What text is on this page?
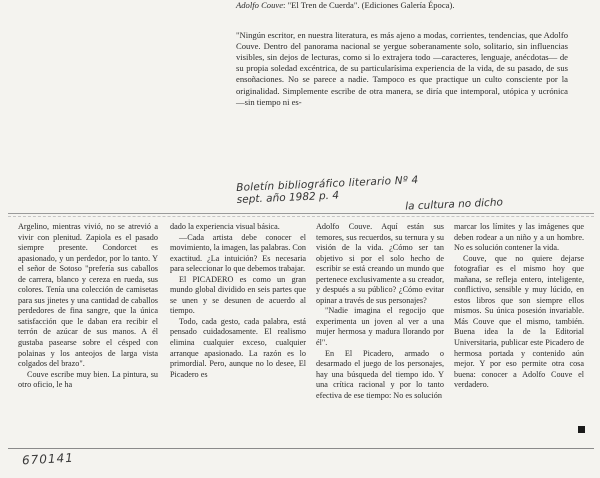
Adolfo Couve: "El Tren de Cuerda". (Ediciones Galería Época).

"Ningún escritor, en nuestra literatura, es más ajeno a modas, corrientes, tendencias, que Adolfo Couve. Dentro del panorama nacional se yergue soberanamente solo, solitario, sin influencias visibles, sin dejos de lecturas, como si lo extrajera todo —caracteres, lenguaje, anécdotas— de su propia soledad excéntrica, de su particularísima experiencia de la vida, de su pasado, de sus ensoñaciones. No se parece a nadie. Tampoco es que practique un culto consciente por la originalidad. Simplemente escribe de otra manera, se diría que intemporal, utópica y ucrónica —sin tiempo ni es-

Boletín bibliográfico literario Nº 4
sept. año 1982 p. 4	la cultura no dicho

Argelino, mientras vivió, no se atrevió a vivir con plenitud. Zapiola es el pasado siempre presente. Condorcet es apasionado, y un perdedor, por lo tanto. Y el señor de Sotoso "prefería sus caballos de carrera, blanco y cereza en rueda, sus colores. Tenía una colección de camisetas para sus jinetes y una cantidad de caballos perdedores de fina sangre, que la única satisfacción que le daban era recibir el terrón de azúcar de sus manos. A él gustaba pasearse sobre el césped con polainas y los anteojos de larga vista colgados del brazo".

Couve escribe muy bien. La pintura, su otro oficio, le ha

dado la experiencia visual básica.

—Cada artista debe conocer el movimiento, la imagen, las palabras. Con exactitud. ¿La intuición? Es necesaria para seleccionar lo que debemos trabajar.

El PICADERO es como un gran mundo global dividido en seis partes que se unen y se desunen de acuerdo al tiempo.

Todo, cada gesto, cada palabra, está pensado cuidadosamente. El realismo elimina cualquier exceso, cualquier arranque apasionado. La razón es lo primordial. Pero, aunque no lo desee, El Picadero es

Adolfo Couve. Aquí están sus temores, sus recuerdos, su ternura y su visión de la vida. ¿Cómo ser tan objetivo si por el solo hecho de escribir se está creando un mundo que pertenece exclusivamente a su creador, y después a su público? ¿Cómo evitar opinar a través de sus personajes?

"Nadie imagina el regocijo que experimenta un joven al ver a una mujer hermosa y madura llorando por él".

En El Picadero, armado o desarmado el juego de los personajes, hay una búsqueda del tiempo ido. Y una crítica racional y por lo tanto efectiva de ese tiempo: No es solución

marcar los límites y las imágenes que deben rodear a un niño y a un hombre. No es solución contener la vida.

Couve, que no quiere dejarse fotografiar es el mismo hoy que mañana, se refleja entero, inteligente, conflictivo, sensible y muy lúcido, en estos libros que son siempre ellos mismos. Su única posesión invariable. Más Couve que el mismo, también. Buena idea la de la Editorial Universitaria, publicar este Picadero de hermosa portada y contenido aún mejor. Y por eso permite otra cosa buena: conocer a Adolfo Couve el verdadero.

670141
